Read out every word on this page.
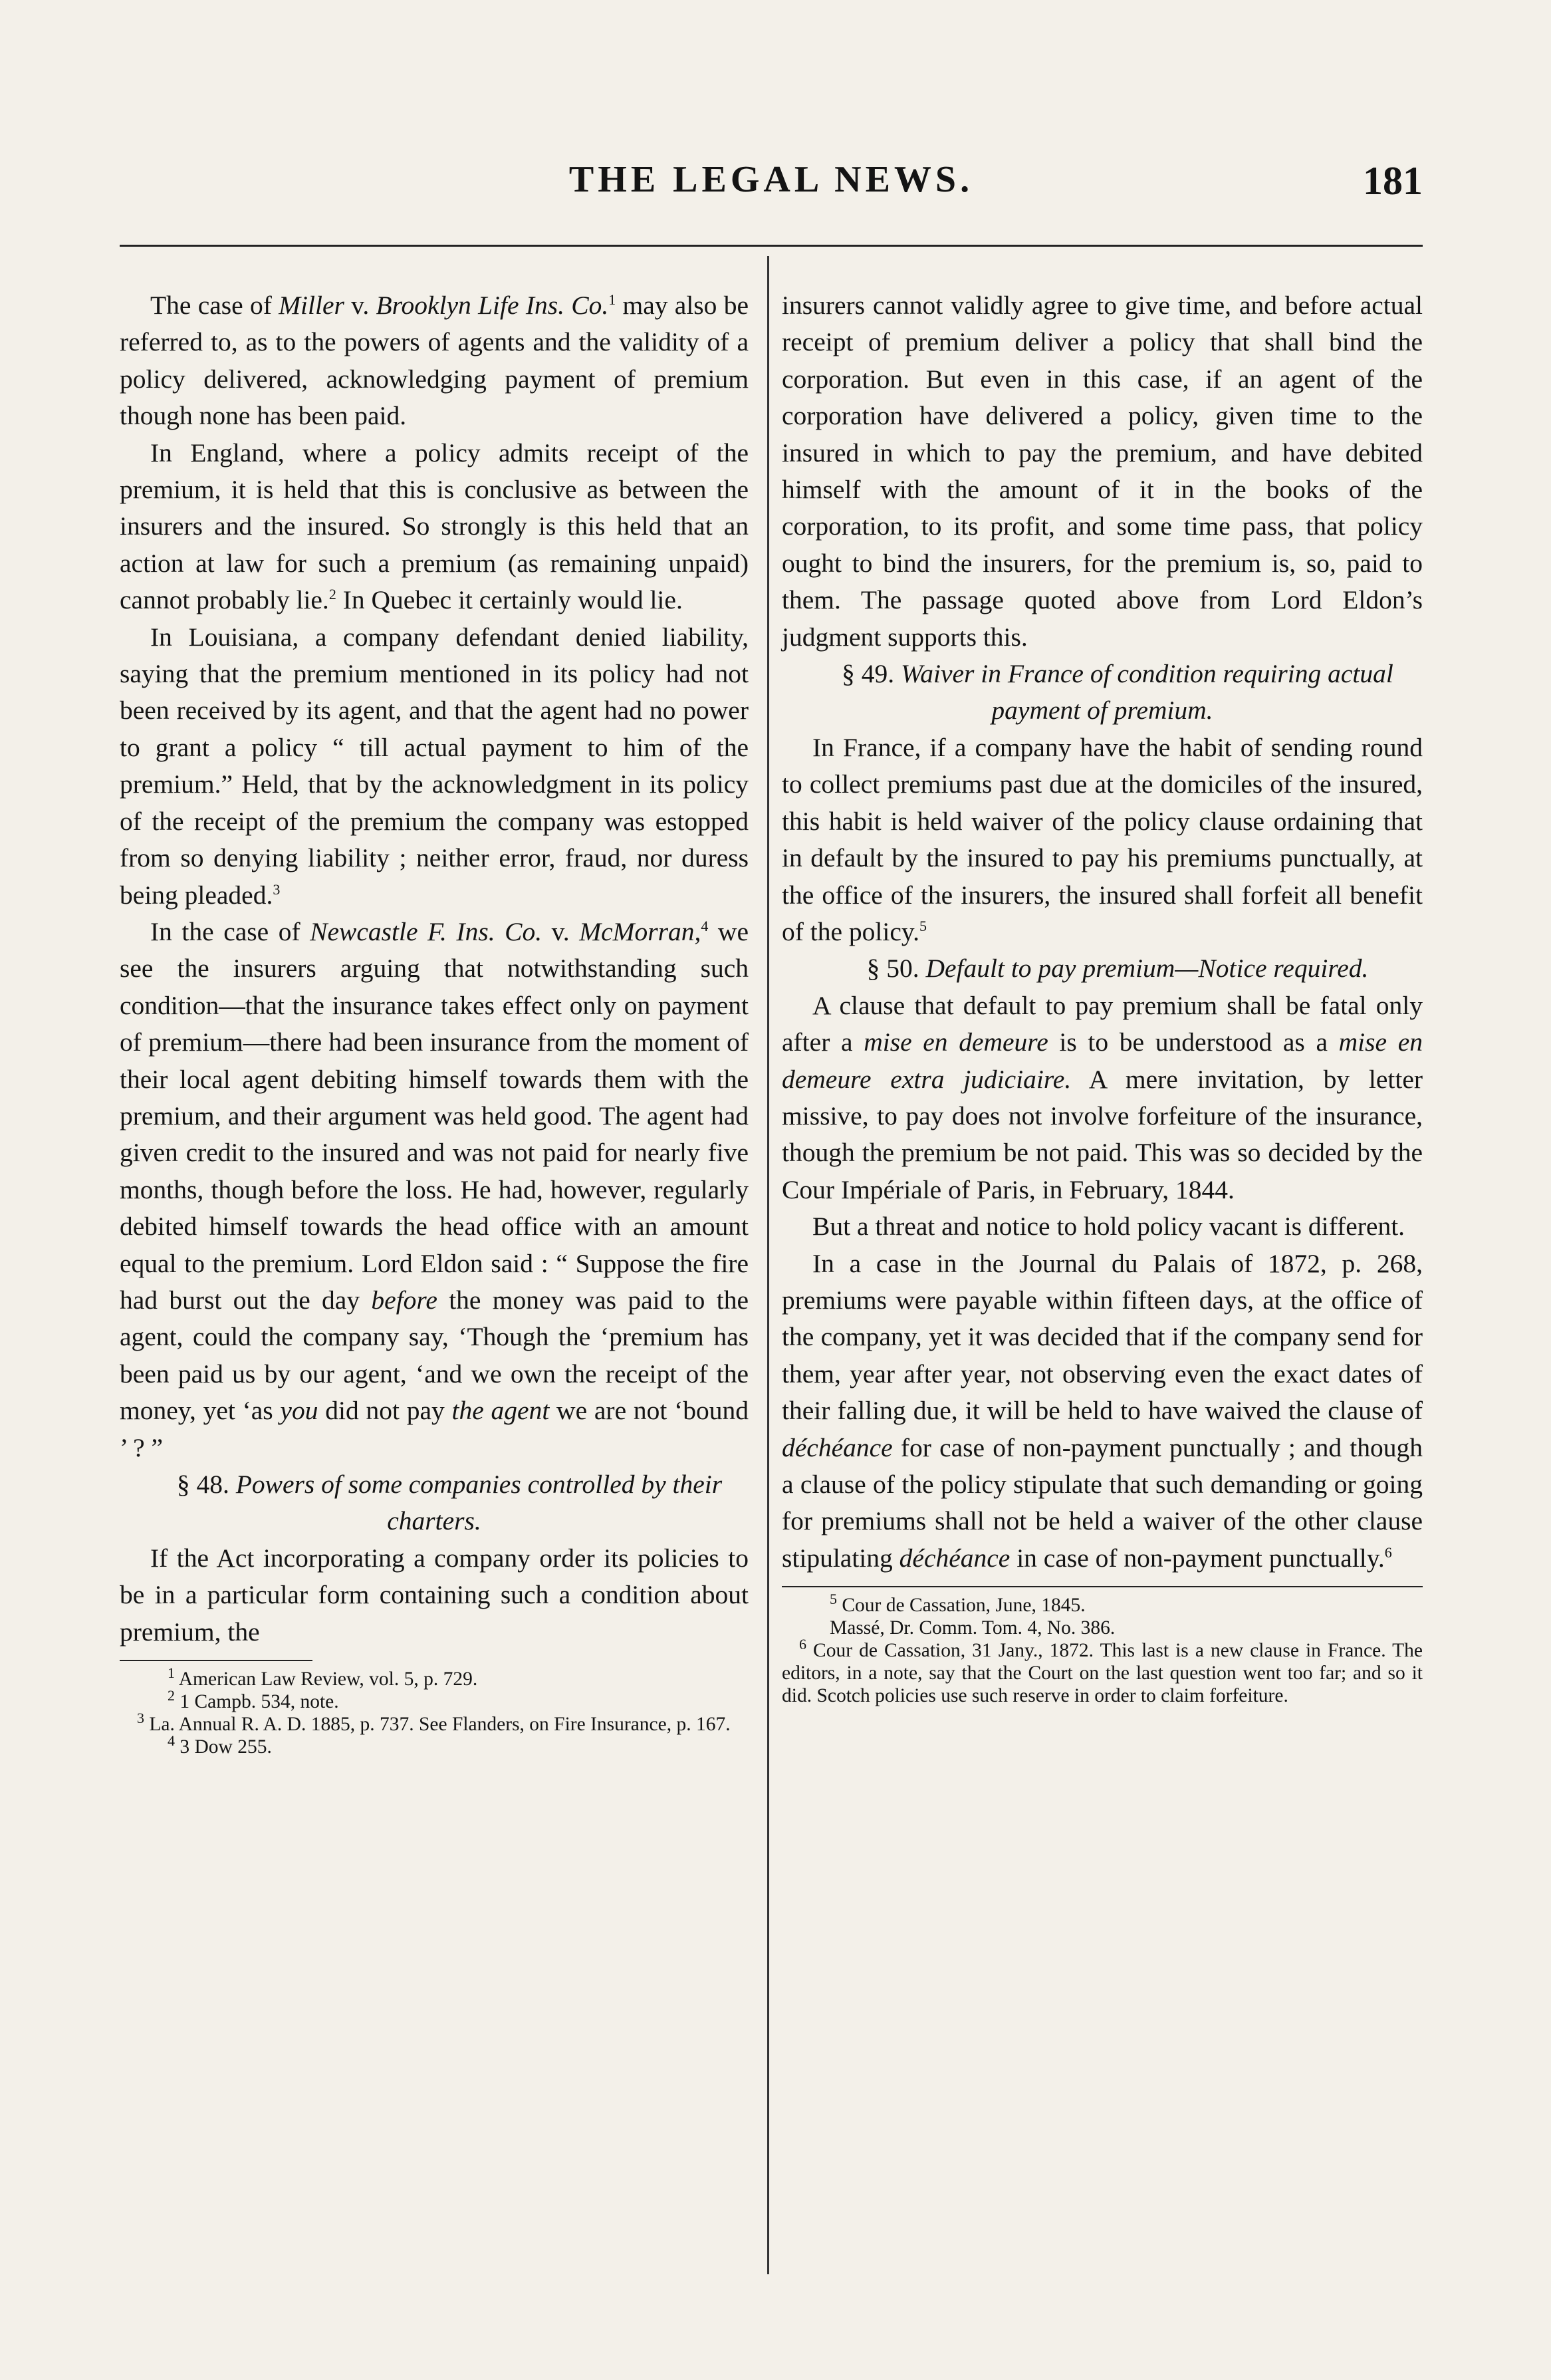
THE LEGAL NEWS.	181

The case of Miller v. Brooklyn Life Ins. Co.$^1$ may also be referred to, as to the powers of agents and the validity of a policy delivered, acknowledging payment of premium though none has been paid.

In England, where a policy admits receipt of the premium, it is held that this is conclusive as between the insurers and the insured. So strongly is this held that an action at law for such a premium (as remaining unpaid) cannot probably lie.$^2$ In Quebec it certainly would lie.

In Louisiana, a company defendant denied liability, saying that the premium mentioned in its policy had not been received by its agent, and that the agent had no power to grant a policy “ till actual payment to him of the premium.” Held, that by the acknowledgment in its policy of the receipt of the premium the company was estopped from so denying liability ; neither error, fraud, nor duress being pleaded.$^3$

In the case of Newcastle F. Ins. Co. v. McMorran,$^4$ we see the insurers arguing that notwithstanding such condition—that the insurance takes effect only on payment of premium—there had been insurance from the moment of their local agent debiting himself towards them with the premium, and their argument was held good. The agent had given credit to the insured and was not paid for nearly five months, though before the loss. He had, however, regularly debited himself towards the head office with an amount equal to the premium. Lord Eldon said : “ Suppose the fire had burst out the day before the money was paid to the agent, could the company say, ‘Though the ‘premium has been paid us by our agent, ‘and we own the receipt of the money, yet ‘as you did not pay the agent we are not ‘bound ’ ? ”

§ 48. Powers of some companies controlled by their charters.

If the Act incorporating a company order its policies to be in a particular form containing such a condition about premium, the

$^1$ American Law Review, vol. 5, p. 729.

$^2$ 1 Campb. 534, note.

$^3$ La. Annual R. A. D. 1885, p. 737. See Flanders, on Fire Insurance, p. 167.

$^4$ 3 Dow 255.

insurers cannot validly agree to give time, and before actual receipt of premium deliver a policy that shall bind the corporation. But even in this case, if an agent of the corporation have delivered a policy, given time to the insured in which to pay the premium, and have debited himself with the amount of it in the books of the corporation, to its profit, and some time pass, that policy ought to bind the insurers, for the premium is, so, paid to them. The passage quoted above from Lord Eldon’s judgment supports this.

§ 49. Waiver in France of condition requiring actual payment of premium.

In France, if a company have the habit of sending round to collect premiums past due at the domiciles of the insured, this habit is held waiver of the policy clause ordaining that in default by the insured to pay his premiums punctually, at the office of the insurers, the insured shall forfeit all benefit of the policy.$^5$

§ 50. Default to pay premium—Notice required.

A clause that default to pay premium shall be fatal only after a mise en demeure is to be understood as a mise en demeure extra judiciaire. A mere invitation, by letter missive, to pay does not involve forfeiture of the insurance, though the premium be not paid. This was so decided by the Cour Impériale of Paris, in February, 1844.

But a threat and notice to hold policy vacant is different.

In a case in the Journal du Palais of 1872, p. 268, premiums were payable within fifteen days, at the office of the company, yet it was decided that if the company send for them, year after year, not observing even the exact dates of their falling due, it will be held to have waived the clause of déchéance for case of non-payment punctually ; and though a clause of the policy stipulate that such demanding or going for premiums shall not be held a waiver of the other clause stipulating déchéance in case of non-payment punctually.$^6$

$^5$ Cour de Cassation, June, 1845.

Massé, Dr. Comm. Tom. 4, No. 386.

$^6$ Cour de Cassation, 31 Jany., 1872. This last is a new clause in France. The editors, in a note, say that the Court on the last question went too far; and so it did. Scotch policies use such reserve in order to claim forfeiture.
